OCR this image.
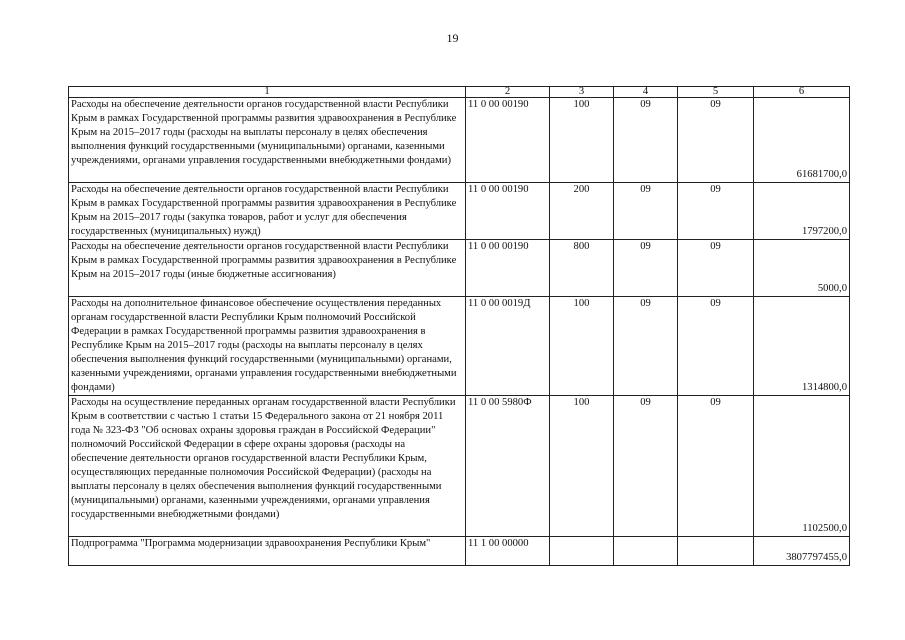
19
1	2	3	4	5	6
Расходы на обеспечение деятельности органов государственной власти Республики Крым в рамках Государственной программы развития здравоохранения в Республике Крым на 2015–2017 годы (расходы на выплаты персоналу в целях обеспечения выполнения функций государственными (муниципальными) органами, казенными учреждениями, органами управления государственными внебюджетными фондами)	11 0 00 00190	100	09	09	61681700,0
Расходы на обеспечение деятельности органов государственной власти Республики Крым в рамках Государственной программы развития здравоохранения в Республике Крым на 2015–2017 годы (закупка товаров, работ и услуг для обеспечения государственных (муниципальных) нужд)	11 0 00 00190	200	09	09	1797200,0
Расходы на обеспечение деятельности органов государственной власти Республики Крым в рамках Государственной программы развития здравоохранения в Республике Крым на 2015–2017 годы (иные бюджетные ассигнования)	11 0 00 00190	800	09	09	5000,0
Расходы на дополнительное финансовое обеспечение осуществления переданных органам государственной власти Республики Крым полномочий Российской Федерации в рамках Государственной программы развития здравоохранения в Республике Крым на 2015–2017 годы (расходы на выплаты персоналу в целях обеспечения выполнения функций государственными (муниципальными) органами, казенными учреждениями, органами управления государственными внебюджетными фондами)	11 0 00 0019Д	100	09	09	1314800,0
Расходы на осуществление переданных органам государственной власти Республики Крым в соответствии с частью 1 статьи 15 Федерального закона от 21 ноября 2011 года № 323-ФЗ "Об основах охраны здоровья граждан в Российской Федерации" полномочий Российской Федерации в сфере охраны здоровья (расходы на обеспечение деятельности органов государственной власти Республики Крым, осуществляющих переданные полномочия Российской Федерации) (расходы на выплаты персоналу в целях обеспечения выполнения функций государственными (муниципальными) органами, казенными учреждениями, органами управления государственными внебюджетными фондами)	11 0 00 5980Ф	100	09	09	1102500,0
Подпрограмма "Программа модернизации здравоохранения Республики Крым"	11 1 00 00000				3807797455,0
